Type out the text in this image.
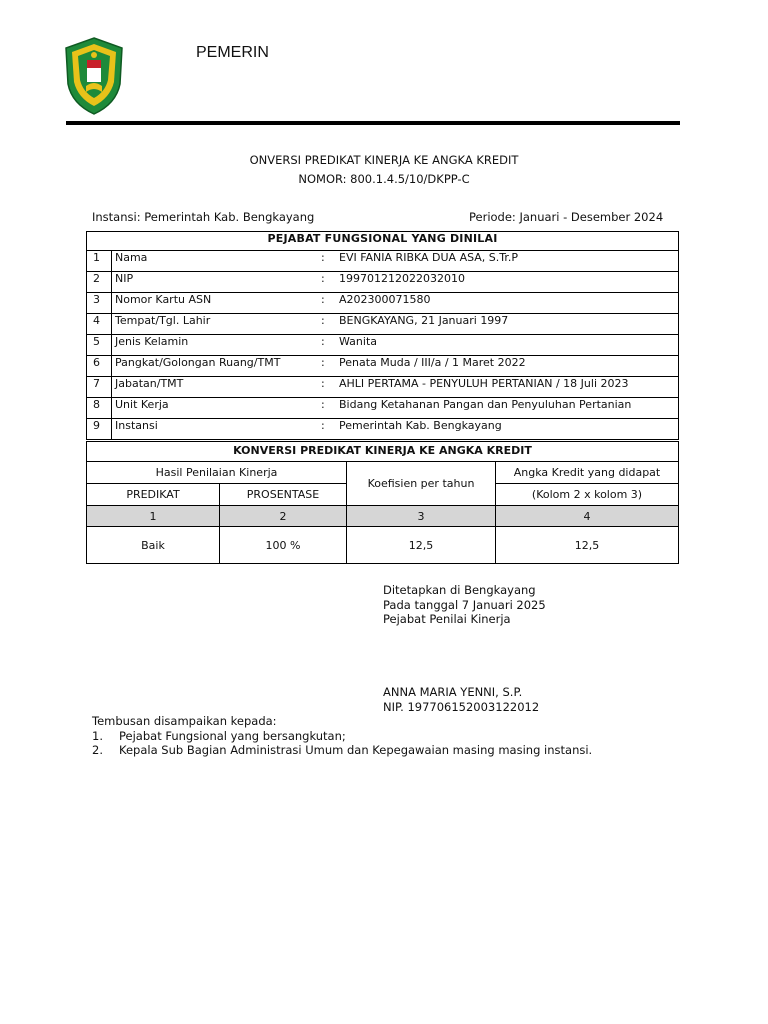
PEMERIN
ONVERSI PREDIKAT KINERJA KE ANGKA KREDIT
NOMOR: 800.1.4.5/10/DKPP-C
Instansi: Pemerintah Kab. Bengkayang	Periode: Januari - Desember 2024
PEJABAT FUNGSIONAL YANG DINILAI			
1	Nama	:	EVI FANIA RIBKA DUA ASA, S.Tr.P
2	NIP	:	199701212022032010
3	Nomor Kartu ASN	:	A202300071580
4	Tempat/Tgl. Lahir	:	BENGKAYANG, 21 Januari 1997
5	Jenis Kelamin	:	Wanita
6	Pangkat/Golongan Ruang/TMT	:	Penata Muda / III/a / 1 Maret 2022
7	Jabatan/TMT	:	AHLI PERTAMA - PENYULUH PERTANIAN / 18 Juli 2023
8	Unit Kerja	:	Bidang Ketahanan Pangan dan Penyuluhan Pertanian
9	Instansi	:	Pemerintah Kab. Bengkayang
KONVERSI PREDIKAT KINERJA KE ANGKA KREDIT
Hasil Penilaian Kinerja		Koefisien per tahun	Angka Kredit yang didapat
PREDIKAT	PROSENTASE		(Kolom 2 x kolom 3)
1	2	3	4
Baik	100 %	12,5	12,5
Ditetapkan di Bengkayang
Pada tanggal 7 Januari 2025
Pejabat Penilai Kinerja
ANNA MARIA YENNI, S.P.
NIP. 197706152003122012
Tembusan disampaikan kepada:
1. Pejabat Fungsional yang bersangkutan;
2. Kepala Sub Bagian Administrasi Umum dan Kepegawaian masing masing instansi.
